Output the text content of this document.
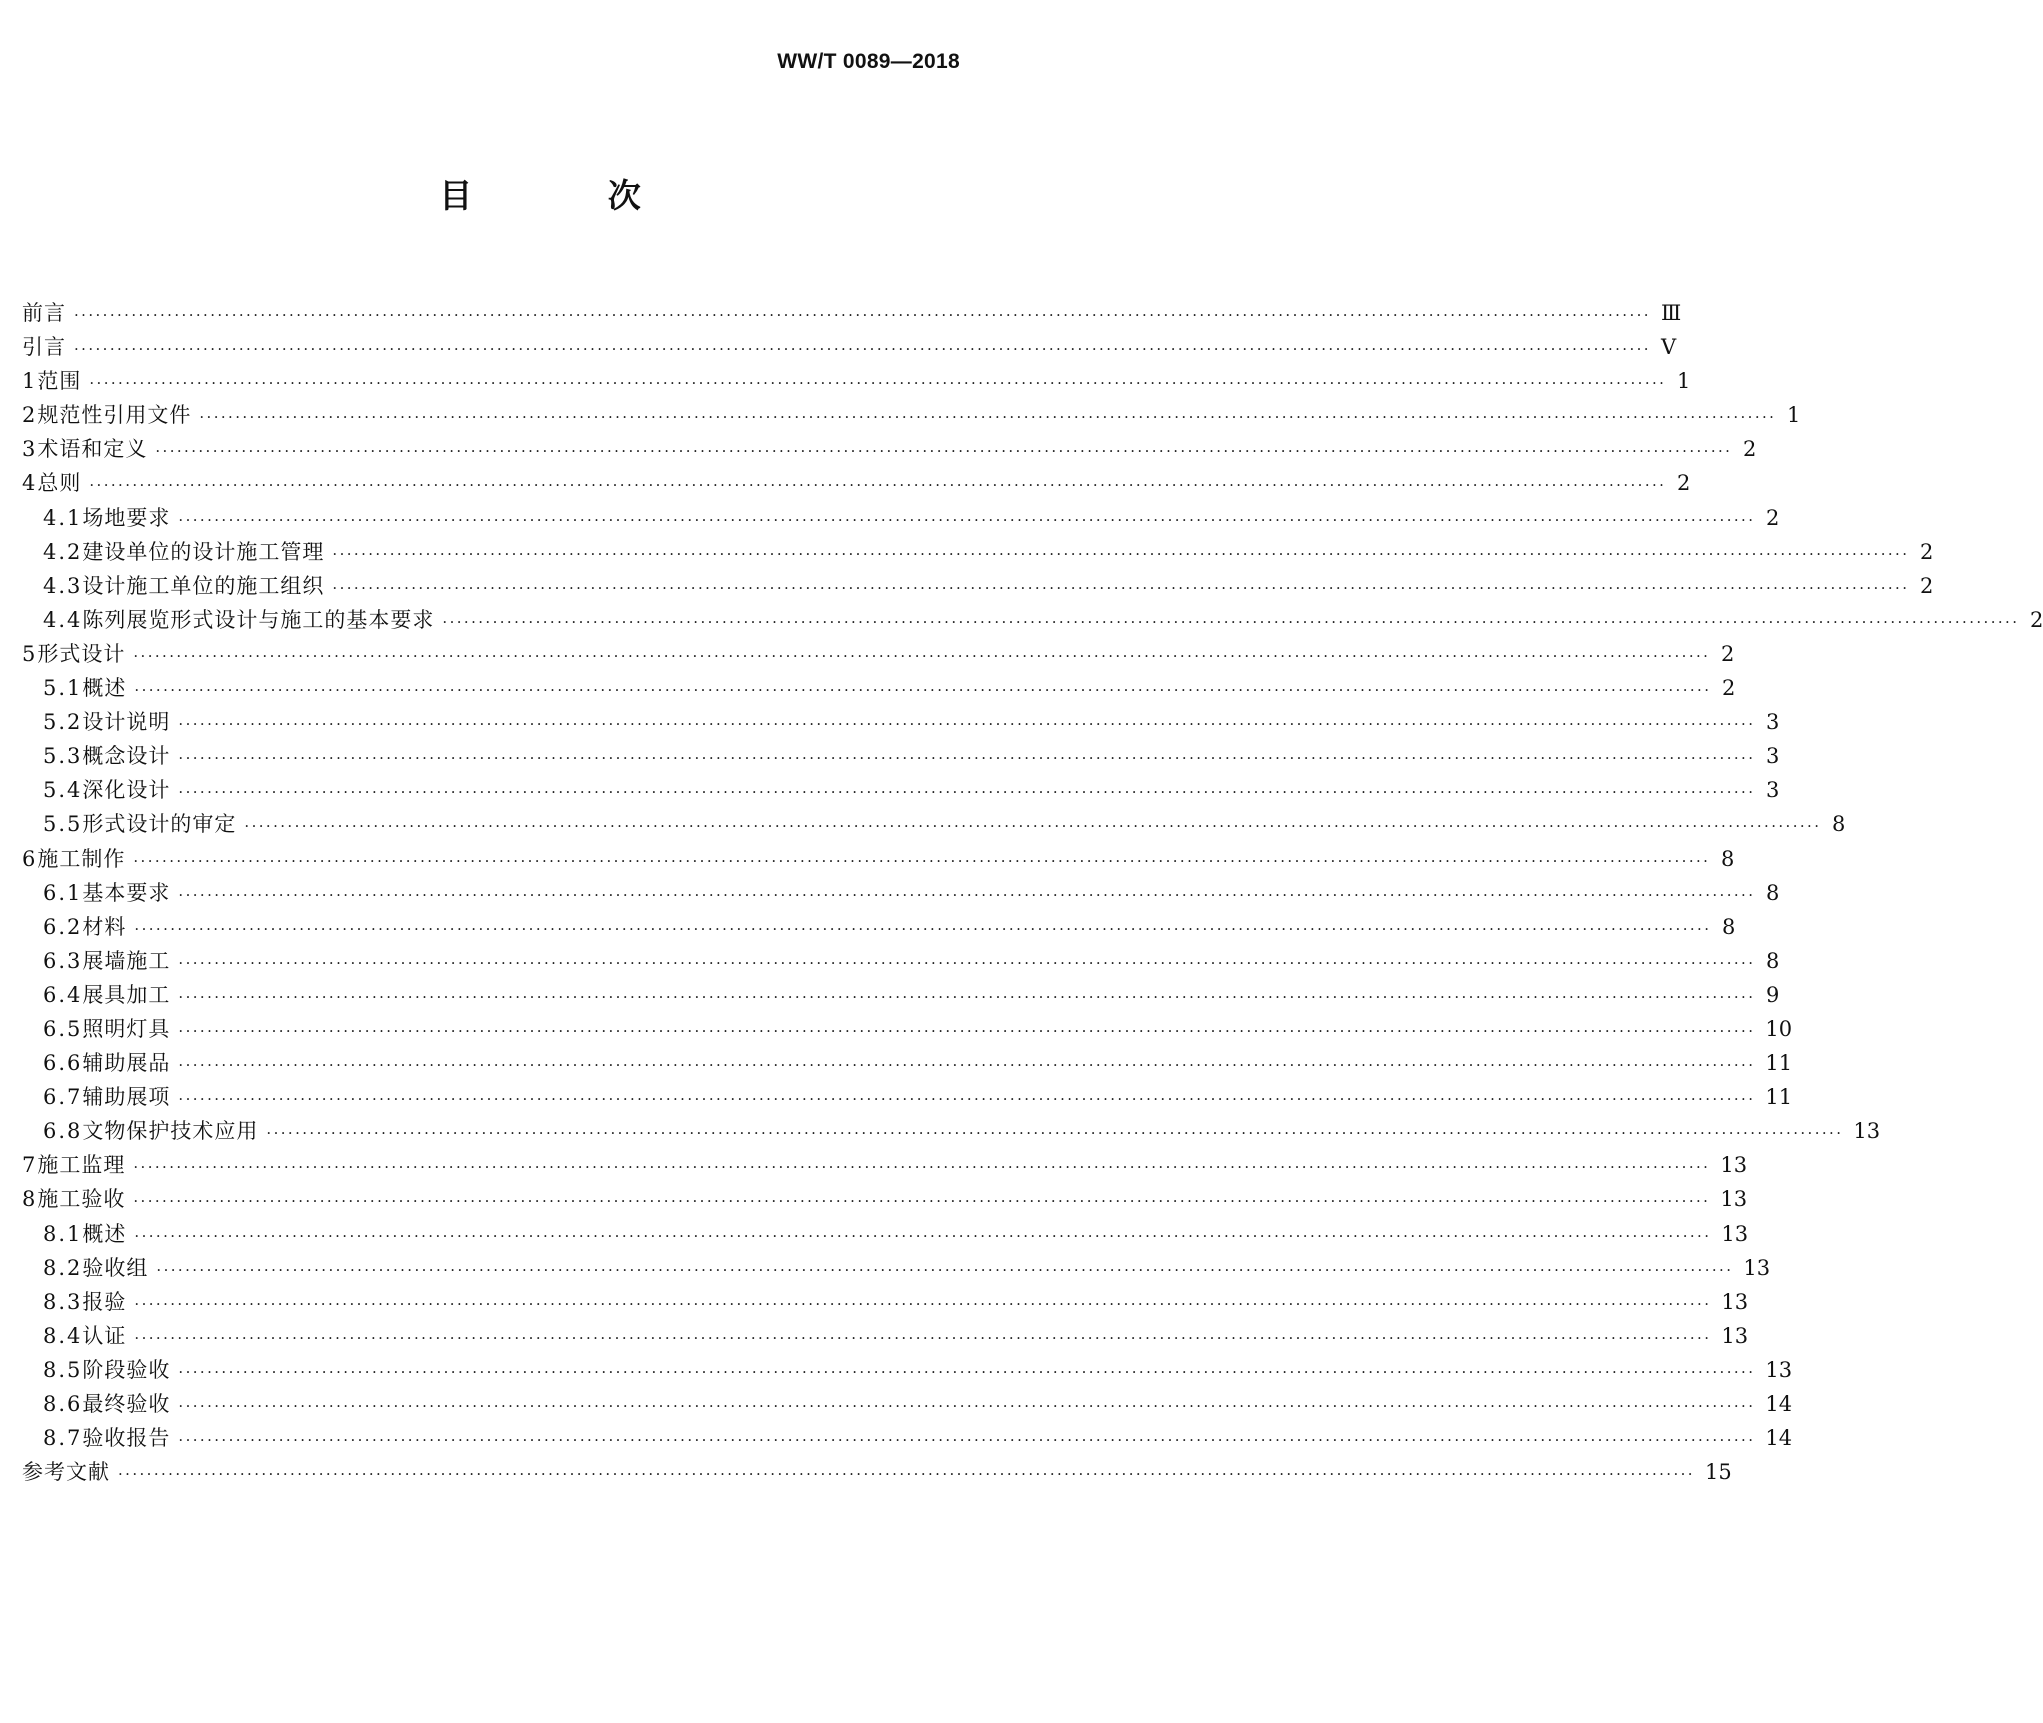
WW/T 0089—2018
目 次
前言 ···························································································································································································································· Ⅲ
引言 ···························································································································································································································· Ⅴ
1 范围 ···························································································································································································································· 1
2 规范性引用文件 ···························································································································································································································· 1
3 术语和定义 ···························································································································································································································· 2
4 总则 ···························································································································································································································· 2
4.1 场地要求 ···························································································································································································································· 2
4.2 建设单位的设计施工管理 ···························································································································································································································· 2
4.3 设计施工单位的施工组织 ···························································································································································································································· 2
4.4 陈列展览形式设计与施工的基本要求 ···························································································································································································································· 2
5 形式设计 ···························································································································································································································· 2
5.1 概述 ···························································································································································································································· 2
5.2 设计说明 ···························································································································································································································· 3
5.3 概念设计 ···························································································································································································································· 3
5.4 深化设计 ···························································································································································································································· 3
5.5 形式设计的审定 ···························································································································································································································· 8
6 施工制作 ···························································································································································································································· 8
6.1 基本要求 ···························································································································································································································· 8
6.2 材料 ···························································································································································································································· 8
6.3 展墙施工 ···························································································································································································································· 8
6.4 展具加工 ···························································································································································································································· 9
6.5 照明灯具 ···························································································································································································································· 10
6.6 辅助展品 ···························································································································································································································· 11
6.7 辅助展项 ···························································································································································································································· 11
6.8 文物保护技术应用 ···························································································································································································································· 13
7 施工监理 ···························································································································································································································· 13
8 施工验收 ···························································································································································································································· 13
8.1 概述 ···························································································································································································································· 13
8.2 验收组 ···························································································································································································································· 13
8.3 报验 ···························································································································································································································· 13
8.4 认证 ···························································································································································································································· 13
8.5 阶段验收 ···························································································································································································································· 13
8.6 最终验收 ···························································································································································································································· 14
8.7 验收报告 ···························································································································································································································· 14
参考文献 ···························································································································································································································· 15
